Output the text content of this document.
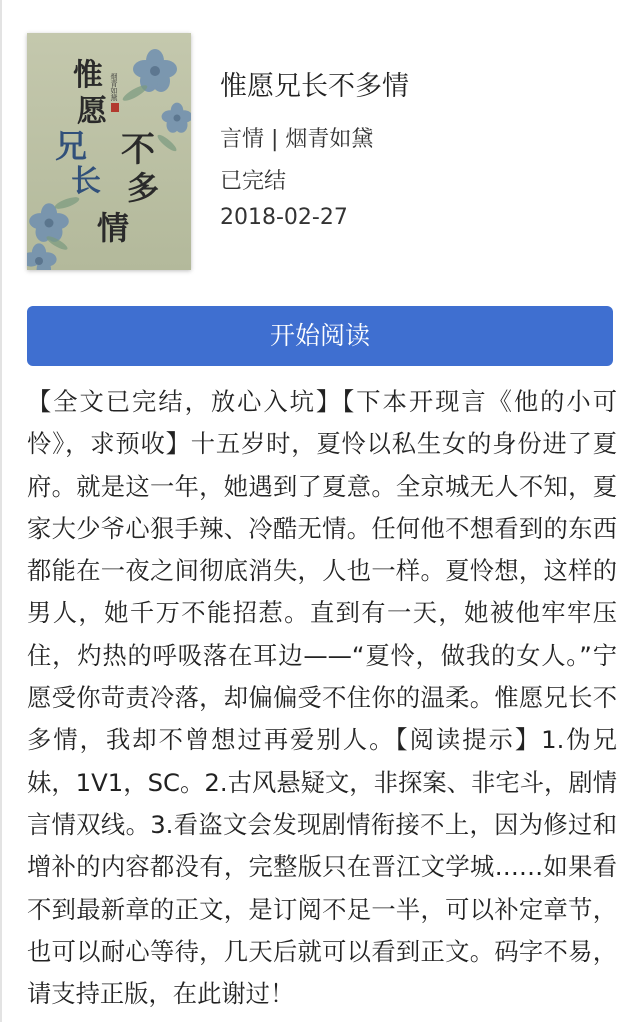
惟
愿
兄
长
不
多
情
烟青如黛	惟愿兄长不多情
言情 | 烟青如黛
已完结
2018-02-27
开始阅读
【全文已完结，放心入坑】【下本开现言《他的小可怜》，求预收】十五岁时，夏怜以私生女的身份进了夏府。就是这一年，她遇到了夏意。全京城无人不知，夏家大少爷心狠手辣、冷酷无情。任何他不想看到的东西都能在一夜之间彻底消失，人也一样。夏怜想，这样的男人，她千万不能招惹。直到有一天，她被他牢牢压住，灼热的呼吸落在耳边——“夏怜，做我的女人。”宁愿受你苛责冷落，却偏偏受不住你的温柔。惟愿兄长不多情，我却不曾想过再爱别人。【阅读提示】1.伪兄妹，1V1，SC。2.古风悬疑文，非探案、非宅斗，剧情言情双线。3.看盗文会发现剧情衔接不上，因为修过和增补的内容都没有，完整版只在晋江文学城……如果看不到最新章的正文，是订阅不足一半，可以补定章节，也可以耐心等待，几天后就可以看到正文。码字不易，请支持正版，在此谢过！
